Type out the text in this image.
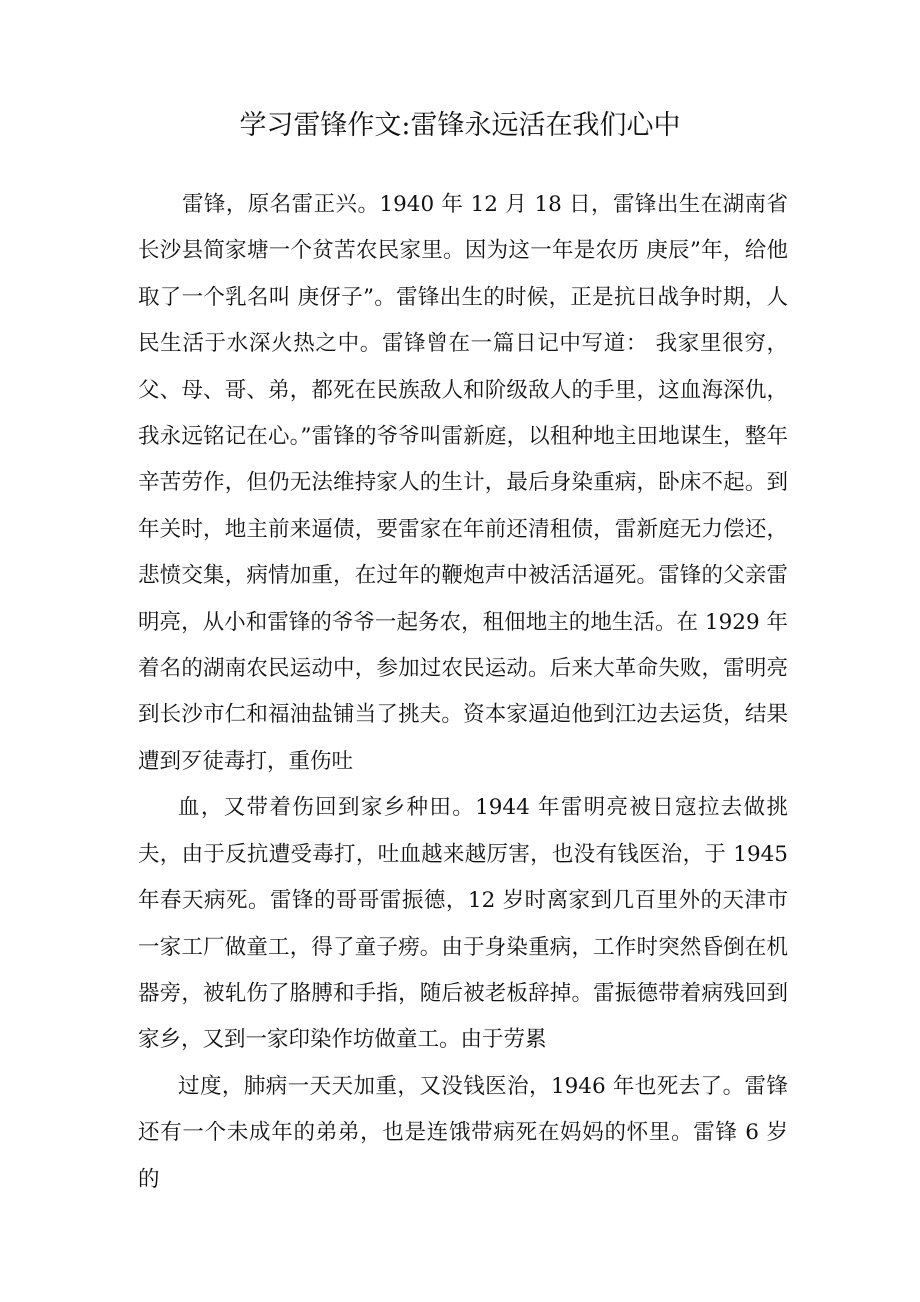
学习雷锋作文:雷锋永远活在我们心中

雷锋，原名雷正兴。1940 年 12 月 18 日，雷锋出生在湖南省长沙县简家塘一个贫苦农民家里。因为这一年是农历 庚辰”年，给他取了一个乳名叫 庚伢子”。雷锋出生的时候，正是抗日战争时期，人民生活于水深火热之中。雷锋曾在一篇日记中写道： 我家里很穷，父、母、哥、弟，都死在民族敌人和阶级敌人的手里，这血海深仇，我永远铭记在心。”雷锋的爷爷叫雷新庭，以租种地主田地谋生，整年辛苦劳作，但仍无法维持家人的生计，最后身染重病，卧床不起。到年关时，地主前来逼债，要雷家在年前还清租债，雷新庭无力偿还，悲愤交集，病情加重，在过年的鞭炮声中被活活逼死。雷锋的父亲雷明亮，从小和雷锋的爷爷一起务农，租佃地主的地生活。在 1929 年着名的湖南农民运动中，参加过农民运动。后来大革命失败，雷明亮到长沙市仁和福油盐铺当了挑夫。资本家逼迫他到江边去运货，结果遭到歹徒毒打，重伤吐

血，又带着伤回到家乡种田。1944 年雷明亮被日寇拉去做挑夫，由于反抗遭受毒打，吐血越来越厉害，也没有钱医治，于 1945 年春天病死。雷锋的哥哥雷振德，12 岁时离家到几百里外的天津市一家工厂做童工，得了童子痨。由于身染重病，工作时突然昏倒在机器旁，被轧伤了胳膊和手指，随后被老板辞掉。雷振德带着病残回到家乡，又到一家印染作坊做童工。由于劳累

过度，肺病一天天加重，又没钱医治，1946 年也死去了。雷锋还有一个未成年的弟弟，也是连饿带病死在妈妈的怀里。雷锋 6 岁的
